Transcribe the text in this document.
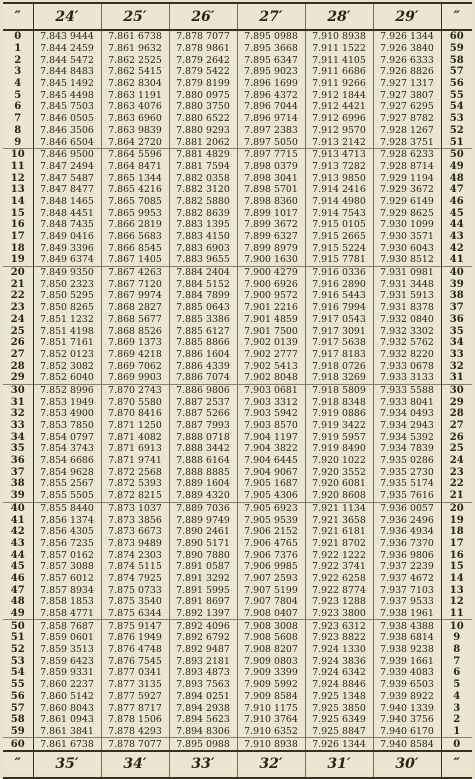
″	24′	25′	26′	27′	28′	29′	″
0	7.843 9444	7.861 6738	7.878 7077	7.895 0988	7.910 8938	7.926 1344	60
1	7.844 2459	7.861 9632	7.878 9861	7.895 3668	7.911 1522	7.926 3840	59
2	7.844 5472	7.862 2525	7.879 2642	7.895 6347	7.911 4105	7.926 6333	58
3	7.844 8483	7.862 5415	7.879 5422	7.895 9023	7.911 6686	7.926 8826	57
4	7.845 1492	7.862 8304	7.879 8199	7.896 1699	7.911 9266	7.927 1317	56
5	7.845 4498	7.863 1191	7.880 0975	7.896 4372	7.912 1844	7.927 3807	55
6	7.845 7503	7.863 4076	7.880 3750	7.896 7044	7.912 4421	7.927 6295	54
7	7.846 0505	7.863 6960	7.880 6522	7.896 9714	7.912 6996	7.927 8782	53
8	7.846 3506	7.863 9839	7.880 9293	7.897 2383	7.912 9570	7.928 1267	52
9	7.846 6504	7.864 2720	7.881 2062	7.897 5050	7.913 2142	7.928 3751	51
10	7.846 9500	7.864 5596	7.881 4829	7.897 7715	7.913 4713	7.928 6233	50
11	7.847 2494	7.864 8471	7.881 7594	7.898 0379	7.913 7282	7.928 8714	49
12	7.847 5487	7.865 1344	7.882 0358	7.898 3041	7.913 9850	7.929 1194	48
13	7.847 8477	7.865 4216	7.882 3120	7.898 5701	7.914 2416	7.929 3672	47
14	7.848 1465	7.865 7085	7.882 5880	7.898 8360	7.914 4980	7.929 6149	46
15	7.848 4451	7.865 9953	7.882 8639	7.899 1017	7.914 7543	7.929 8625	45
16	7.848 7435	7.866 2819	7.883 1395	7.899 3672	7.915 0105	7.930 1099	44
17	7.849 0416	7.866 5683	7.883 4150	7.899 6327	7.915 2665	7.930 3571	43
18	7.849 3396	7.866 8545	7.883 6903	7.899 8979	7.915 5224	7.930 6043	42
19	7.849 6374	7.867 1405	7.883 9655	7.900 1630	7.915 7781	7.930 8512	41
20	7.849 9350	7.867 4263	7.884 2404	7.900 4279	7.916 0336	7.931 0981	40
21	7.850 2323	7.867 7120	7.884 5152	7.900 6926	7.916 2890	7.931 3448	39
22	7.850 5295	7.867 9974	7.884 7899	7.900 9572	7.916 5443	7.931 5913	38
23	7.850 8265	7.868 2827	7.885 0643	7.901 2216	7.916 7994	7.931 8378	37
24	7.851 1232	7.868 5677	7.885 3386	7.901 4859	7.917 0543	7.932 0840	36
25	7.851 4198	7.868 8526	7.885 6127	7.901 7500	7.917 3091	7.932 3302	35
26	7.851 7161	7.869 1373	7.885 8866	7.902 0139	7.917 5638	7.932 5762	34
27	7.852 0123	7.869 4218	7.886 1604	7.902 2777	7.917 8183	7.932 8220	33
28	7.852 3082	7.869 7062	7.886 4339	7.902 5413	7.918 0726	7.933 0678	32
29	7.852 6040	7.869 9903	7.886 7074	7.902 8048	7.918 3269	7.933 3133	31
30	7.852 8996	7.870 2743	7.886 9806	7.903 0681	7.918 5809	7.933 5588	30
31	7.853 1949	7.870 5580	7.887 2537	7.903 3312	7.918 8348	7.933 8041	29
32	7.853 4900	7.870 8416	7.887 5266	7.903 5942	7.919 0886	7.934 0493	28
33	7.853 7850	7.871 1250	7.887 7993	7.903 8570	7.919 3422	7.934 2943	27
34	7.854 0797	7.871 4082	7.888 0718	7.904 1197	7.919 5957	7.934 5392	26
35	7.854 3743	7.871 6913	7.888 3442	7.904 3822	7.919 8490	7.934 7839	25
36	7.854 6686	7.871 9741	7.888 6164	7.904 6445	7.920 1022	7.935 0286	24
37	7.854 9628	7.872 2568	7.888 8885	7.904 9067	7.920 3552	7.935 2730	23
38	7.855 2567	7.872 5393	7.889 1604	7.905 1687	7.920 6081	7.935 5174	22
39	7.855 5505	7.872 8215	7.889 4320	7.905 4306	7.920 8608	7.935 7616	21
40	7.855 8440	7.873 1037	7.889 7036	7.905 6923	7.921 1134	7.936 0057	20
41	7.856 1374	7.873 3856	7.889 9749	7.905 9539	7.921 3658	7.936 2496	19
42	7.856 4305	7.873 6673	7.890 2461	7.906 2152	7.921 6181	7.936 4934	18
43	7.856 7235	7.873 9489	7.890 5171	7.906 4765	7.921 8702	7.936 7370	17
44	7.857 0162	7.874 2303	7.890 7880	7.906 7376	7.922 1222	7.936 9806	16
45	7.857 3088	7.874 5115	7.891 0587	7.906 9985	7.922 3741	7.937 2239	15
46	7.857 6012	7.874 7925	7.891 3292	7.907 2593	7.922 6258	7.937 4672	14
47	7.857 8934	7.875 0733	7.891 5995	7.907 5199	7.922 8774	7.937 7103	13
48	7.858 1853	7.875 3540	7.891 8697	7.907 7804	7.923 1288	7.937 9533	12
49	7.858 4771	7.875 6344	7.892 1397	7.908 0407	7.923 3800	7.938 1961	11
50	7.858 7687	7.875 9147	7.892 4096	7.908 3008	7.923 6312	7.938 4388	10
51	7.859 0601	7.876 1949	7.892 6792	7.908 5608	7.923 8822	7.938 6814	9
52	7.859 3513	7.876 4748	7.892 9487	7.908 8207	7.924 1330	7.938 9238	8
53	7.859 6423	7.876 7545	7.893 2181	7.909 0803	7.924 3836	7.939 1661	7
54	7.859 9331	7.877 0341	7.893 4873	7.909 3399	7.924 6342	7.939 4083	6
55	7.860 2237	7.877 3135	7.893 7563	7.909 5992	7.924 8846	7.939 6503	5
56	7.860 5142	7.877 5927	7.894 0251	7.909 8584	7.925 1348	7.939 8922	4
57	7.860 8043	7.877 8717	7.894 2938	7.910 1175	7.925 3850	7.940 1339	3
58	7.861 0943	7.878 1506	7.894 5623	7.910 3764	7.925 6349	7.940 3756	2
59	7.861 3841	7.878 4293	7.894 8306	7.910 6352	7.925 8847	7.940 6170	1
60	7.861 6738	7.878 7077	7.895 0988	7.910 8938	7.926 1344	7.940 8584	0
″	35′	34′	33′	32′	31′	30′	″
